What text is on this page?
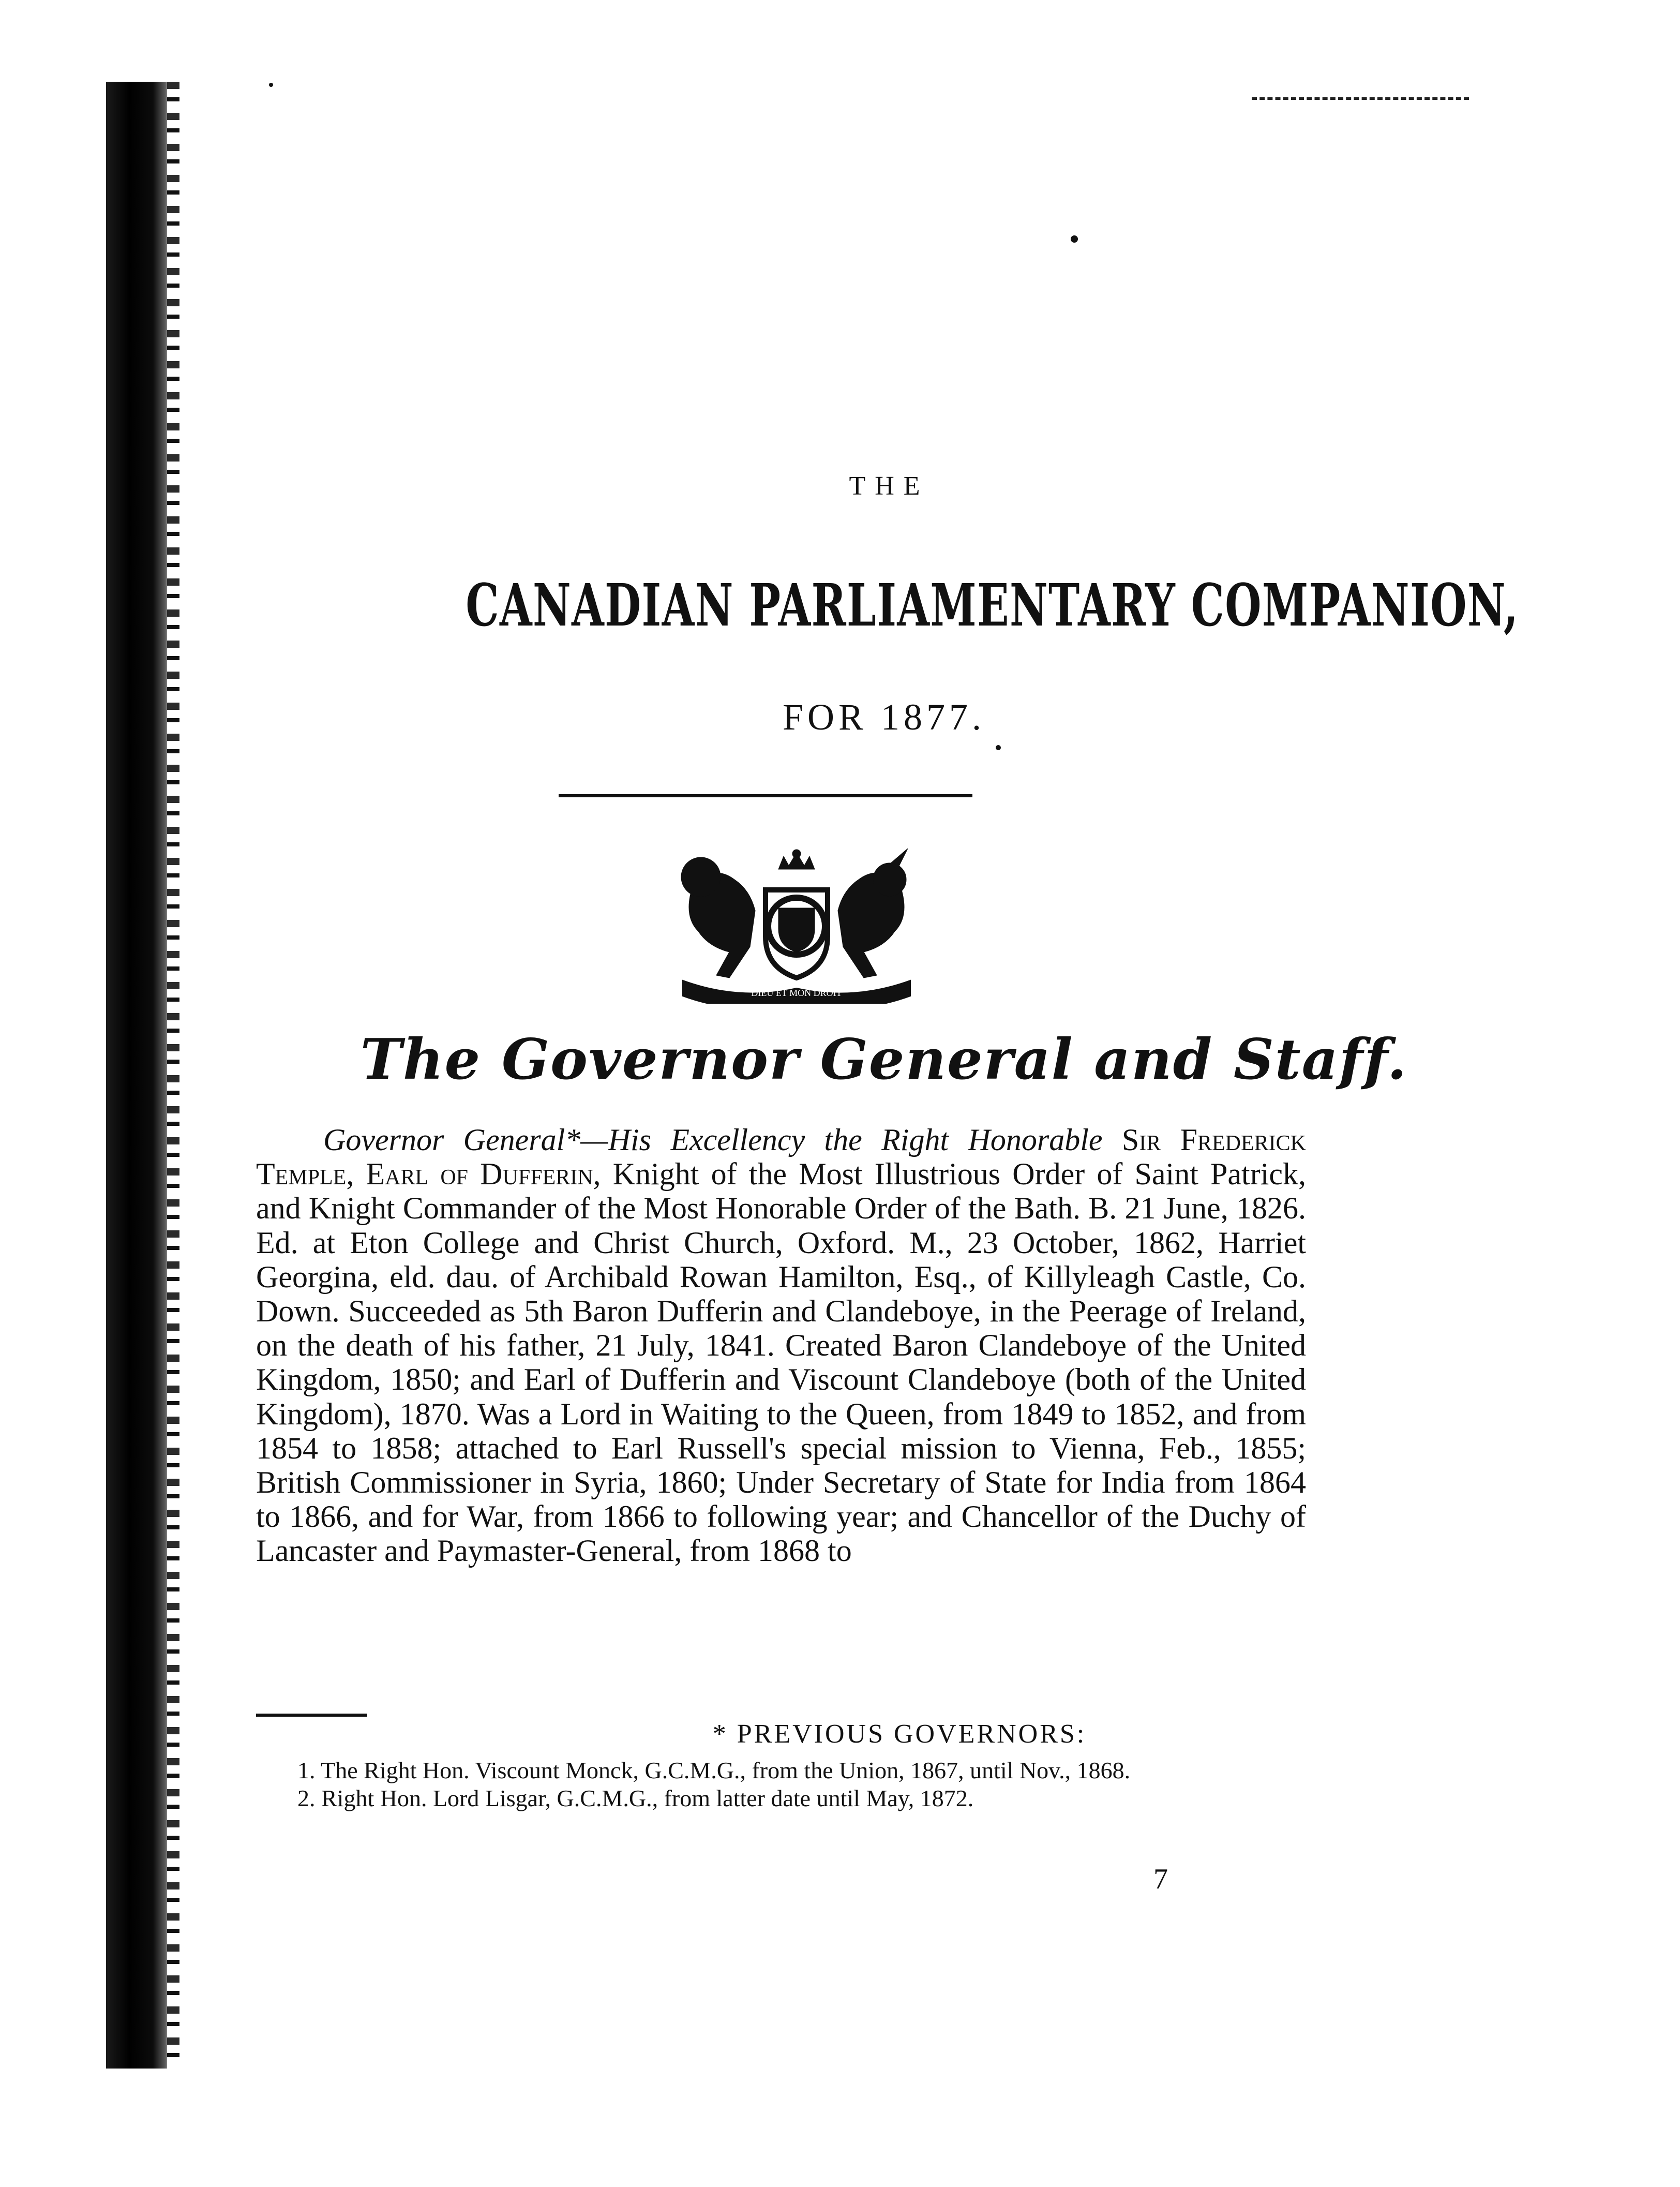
THE
CANADIAN PARLIAMENTARY COMPANION,
FOR 1877.
DIEU ET MON DROIT
The Governor General and Staff.
Governor General*—His Excellency the Right Honorable Sir Frederick Temple, Earl of Dufferin, Knight of the Most Illustrious Order of Saint Patrick, and Knight Commander of the Most Honorable Order of the Bath. B. 21 June, 1826. Ed. at Eton College and Christ Church, Oxford. M., 23 October, 1862, Harriet Georgina, eld. dau. of Archibald Rowan Hamilton, Esq., of Killyleagh Castle, Co. Down. Succeeded as 5th Baron Dufferin and Clandeboye, in the Peerage of Ireland, on the death of his father, 21 July, 1841. Created Baron Clandeboye of the United Kingdom, 1850; and Earl of Dufferin and Viscount Clandeboye (both of the United Kingdom), 1870. Was a Lord in Waiting to the Queen, from 1849 to 1852, and from 1854 to 1858; attached to Earl Russell's special mission to Vienna, Feb., 1855; British Commissioner in Syria, 1860; Under Secretary of State for India from 1864 to 1866, and for War, from 1866 to following year; and Chancellor of the Duchy of Lancaster and Paymaster-General, from 1868 to
* PREVIOUS GOVERNORS:
1. The Right Hon. Viscount Monck, G.C.M.G., from the Union, 1867, until Nov., 1868.
2. Right Hon. Lord Lisgar, G.C.M.G., from latter date until May, 1872.
7
